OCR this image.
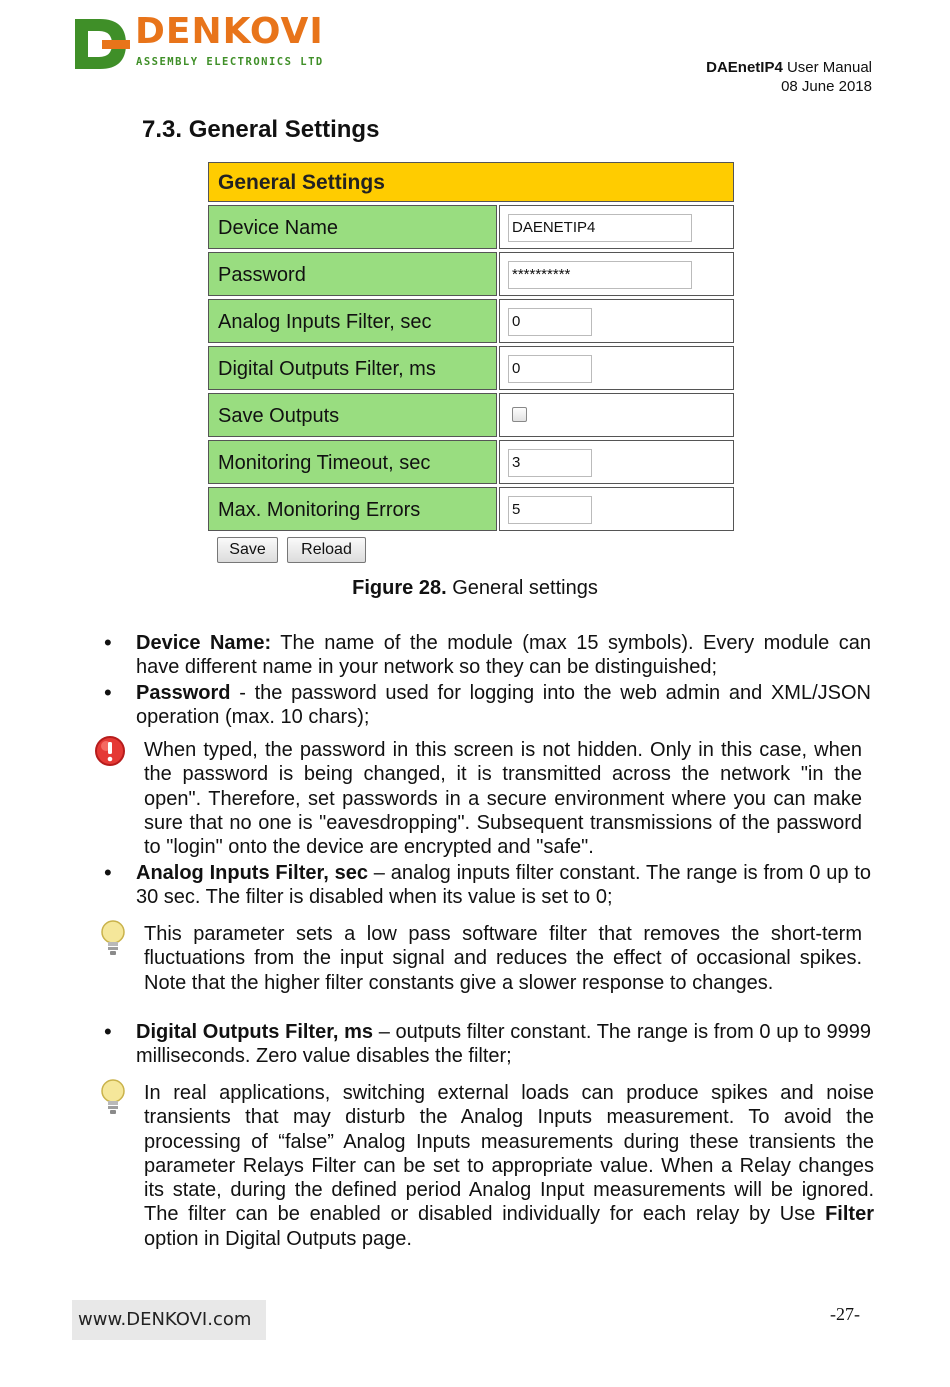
DENKOVI
ASSEMBLY ELECTRONICS LTD	DAEnetIP4 User Manual
08 June 2018
7.3. General Settings
General Settings
Device Name	DAENETIP4
Password	**********
Analog Inputs Filter, sec	0
Digital Outputs Filter, ms	0
Save Outputs
Monitoring Timeout, sec	3
Max. Monitoring Errors	5
Save	Reload
Figure 28. General settings
• Device Name: The name of the module (max 15 symbols). Every module can have different name in your network so they can be distinguished;
• Password - the password used for logging into the web admin and XML/JSON operation (max. 10 chars);
When typed, the password in this screen is not hidden. Only in this case, when the password is being changed, it is transmitted across the network "in the open". Therefore, set passwords in a secure environment where you can make sure that no one is "eavesdropping". Subsequent transmissions of the password to "login" onto the device are encrypted and "safe".
• Analog Inputs Filter, sec – analog inputs filter constant. The range is from 0 up to 30 sec. The filter is disabled when its value is set to 0;
This parameter sets a low pass software filter that removes the short-term fluctuations from the input signal and reduces the effect of occasional spikes. Note that the higher filter constants give a slower response to changes.
• Digital Outputs Filter, ms – outputs filter constant. The range is from 0 up to 9999 milliseconds. Zero value disables the filter;
In real applications, switching external loads can produce spikes and noise transients that may disturb the Analog Inputs measurement. To avoid the processing of “false” Analog Inputs measurements during these transients the parameter Relays Filter can be set to appropriate value. When a Relay changes its state, during the defined period Analog Input measurements will be ignored. The filter can be enabled or disabled individually for each relay by Use Filter option in Digital Outputs page.
www.DENKOVI.com	-27-
